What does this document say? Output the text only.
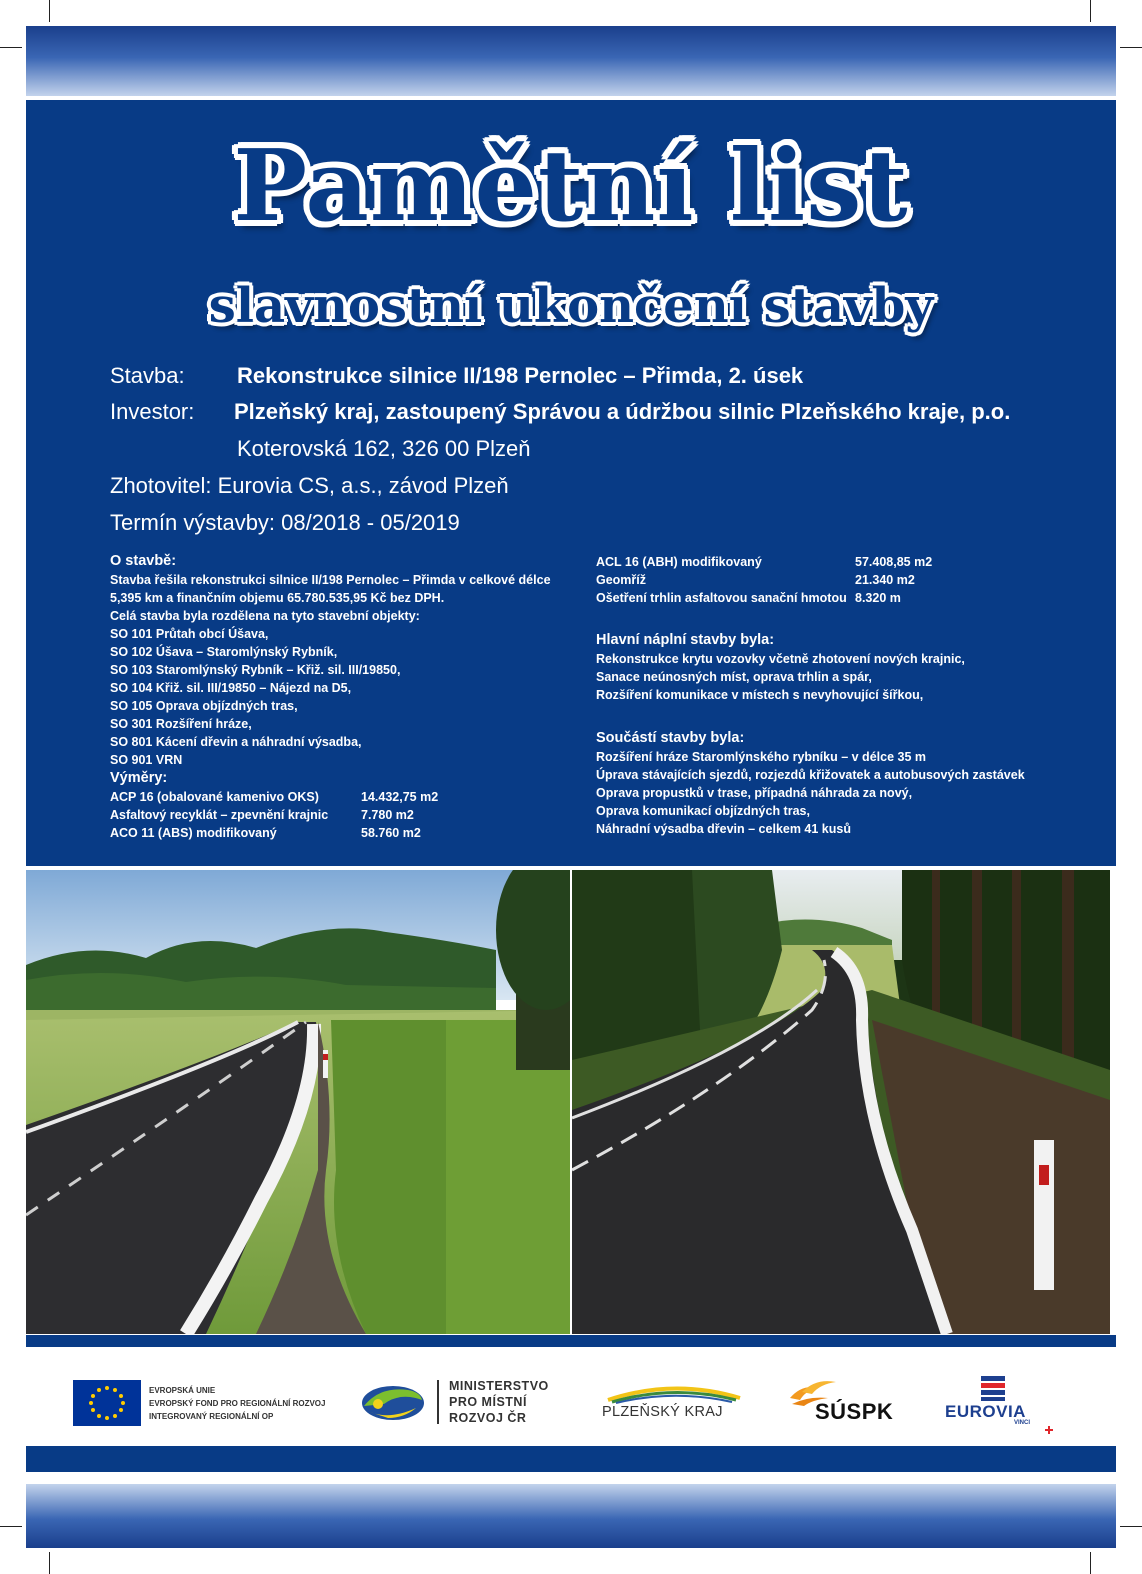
Pamětní list
slavnostní ukončení stavby
Stavba: Rekonstrukce silnice II/198 Pernolec – Přimda, 2. úsek
Investor: Plzeňský kraj, zastoupený Správou a údržbou silnic Plzeňského kraje, p.o.
Koterovská 162, 326 00 Plzeň
Zhotovitel: Eurovia CS, a.s., závod Plzeň
Termín výstavby: 08/2018 - 05/2019
O stavbě:
Stavba řešila rekonstrukci silnice II/198 Pernolec – Přimda v celkové délce
5,395 km a finančním objemu 65.780.535,95 Kč bez DPH.
Celá stavba byla rozdělena na tyto stavební objekty:
SO 101 Průtah obcí Úšava,
SO 102 Úšava – Staromlýnský Rybník,
SO 103 Staromlýnský Rybník – Křiž. sil. III/19850,
SO 104 Křiž. sil. III/19850 – Nájezd na D5,
SO 105 Oprava objízdných tras,
SO 301 Rozšíření hráze,
SO 801 Kácení dřevin a náhradní výsadba,
SO 901 VRN
Výměry:
ACP 16 (obalované kamenivo OKS)	14.432,75 m2
Asfaltový recyklát – zpevnění krajnic	7.780 m2
ACO 11 (ABS) modifikovaný	58.760 m2
ACL 16 (ABH) modifikovaný	57.408,85 m2
Geomříž	21.340 m2
Ošetření trhlin asfaltovou sanační hmotou 8.320 m
Hlavní náplní stavby byla:
Rekonstrukce krytu vozovky včetně zhotovení nových krajnic,
Sanace neúnosných míst, oprava trhlin a spár,
Rozšíření komunikace v místech s nevyhovující šířkou,
Součástí stavby byla:
Rozšíření hráze Staromlýnského rybníku – v délce 35 m
Úprava stávajících sjezdů, rozjezdů křižovatek a autobusových zastávek
Oprava propustků v trase, případná náhrada za nový,
Oprava komunikací objízdných tras,
Náhradní výsadba dřevin – celkem 41 kusů
EVROPSKÁ UNIE
EVROPSKÝ FOND PRO REGIONÁLNÍ ROZVOJ
INTEGROVANÝ REGIONÁLNÍ OP
MINISTERSTVO
PRO MÍSTNÍ
ROZVOJ ČR	PLZEŇSKÝ KRAJ	SÚSPK	EUROVIA
VINCI
